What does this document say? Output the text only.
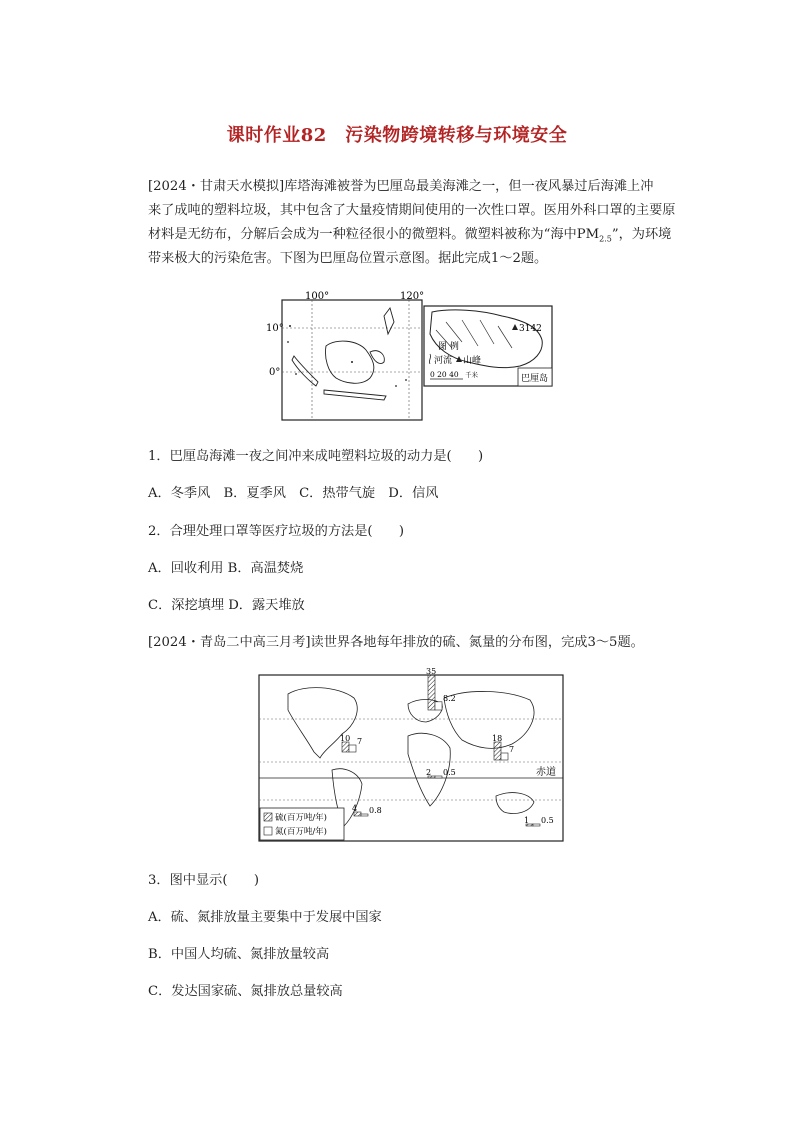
课时作业82　污染物跨境转移与环境安全
[2024・甘肃天水模拟]库塔海滩被誉为巴厘岛最美海滩之一，但一夜风暴过后海滩上冲
来了成吨的塑料垃圾，其中包含了大量疫情期间使用的一次性口罩。医用外科口罩的主要原
材料是无纺布，分解后会成为一种粒径很小的微塑料。微塑料被称为“海中$PM_{2.5}$”，为环境
带来极大的污染危害。下图为巴厘岛位置示意图。据此完成1～2题。
100°	120°
10°
0°
3142
图 例
河流 山峰
0 20 40 千米	巴厘岛
1．巴厘岛海滩一夜之间冲来成吨塑料垃圾的动力是(　　)
A．冬季风　B．夏季风　C．热带气旋　D．信风
2．合理处理口罩等医疗垃圾的方法是(　　)
A．回收利用 B．高温焚烧
C．深挖填埋 D．露天堆放
[2024・青岛二中高三月考]读世界各地每年排放的硫、氮量的分布图，完成3～5题。
赤道
10 7
35
8.2
18
7
2 0.5
4 0.8
1 0.5
硫(百万吨/年)
氮(百万吨/年)
3．图中显示(　　)
A．硫、氮排放量主要集中于发展中国家
B．中国人均硫、氮排放量较高
C．发达国家硫、氮排放总量较高
